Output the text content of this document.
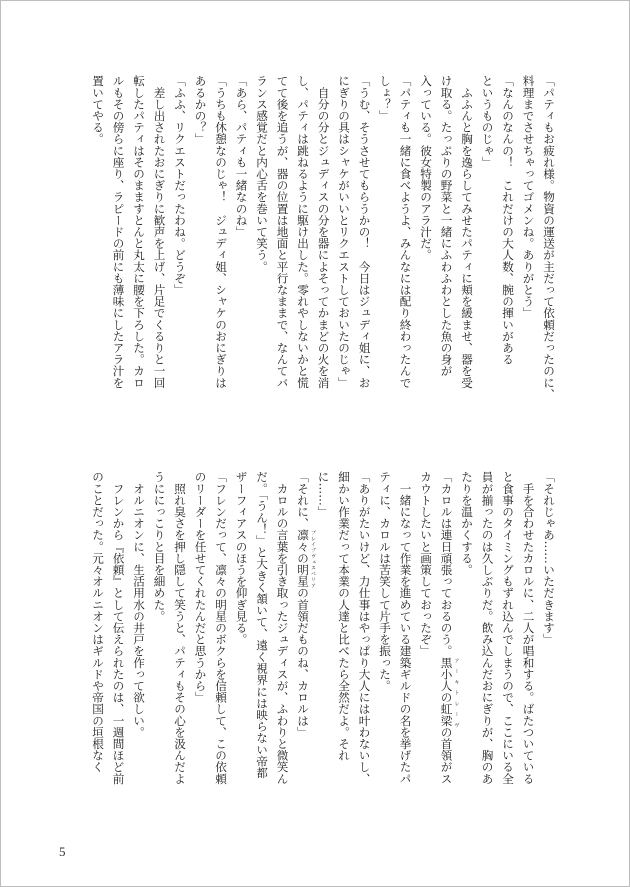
「パティもお疲れ様。物資の運送が主だって依頼だったのに、
料理までさせちゃってゴメンね。ありがとう」
「なんのなんの！　これだけの大人数、腕の揮いがある
というものじゃ」
　ふふんと胸を逸らしてみせたパティに頬を緩ませ、器を受
け取る。たっぷりの野菜と一緒にふわふわとした魚の身が
入っている。彼女特製のアラ汁だ。
「パティも一緒に食べようよ、みんなには配り終わったんで
しょ？」
「うむ、そうさせてもらうかの！　今日はジュディ姐に、お
にぎりの具はシャケがいいとリクエストしておいたのじゃ」
　自分の分とジュディスの分を器によそってかまどの火を消
し、パティは跳ねるように駆け出した。零れやしないかと慌
てて後を追うが、器の位置は地面と平行なままで、なんてバ
ランス感覚だと内心舌を巻いて笑う。
「あら、パティも一緒なのね」
「うちも休憩なのじゃ！　ジュディ姐、シャケのおにぎりは
あるかの？」
「ふふ、リクエストだったわね。どうぞ」
　差し出されたおにぎりに歓声を上げ、片足でくるりと一回
転したパティはそのまますとんと丸太に腰を下ろした。カロ
ルもその傍らに座り、ラピードの前にも薄味にしたアラ汁を
置いてやる。
「それじゃあ……いただきます」
　手を合わせたカロルに、二人が唱和する。ばたついている
と食事のタイミングもずれ込んでしまうので、ここにいる全
員が揃ったのは久しぶりだ。飲み込んだおにぎりが、胸のあ
たりを温かくする。
「カロルは連日頑張っておるのう。黒小人の虹梁の首領がス
カウトしたいと画策しておったぞ」
　一緒になって作業を進めている建築ギルドの名を挙げたパ
ティに、カロルは苦笑して片手を振った。
「ありがたいけど、力仕事はやっぱり大人には叶わないし、
細かい作業だって本業の人達と比べたら全然だよ。それ
に……」
「それに、凛々の明星の首領だものね、カロルは」
　カロルの言葉を引き取ったジュディスが、ふわりと微笑ん
だ。「うん！」と大きく頷いて、遠く視界には映らない帝都
ザーフィアスのほうを仰ぎ見る。
「フレンだって、凛々の明星のボクらを信頼して、この依頼
のリーダーを任せてくれたんだと思うから」
　照れ臭さを押し隠して笑うと、パティもその心を汲んだよ
うににっこりと目を細めた。
　オルニオンに、生活用水の井戸を作って欲しい。
　フレンから『依頼』として伝えられたのは、一週間ほど前
のことだった。元々オルニオンはギルドや帝国の垣根なく
5
アーキトレーヴ
ブレイブヴェスペリア
